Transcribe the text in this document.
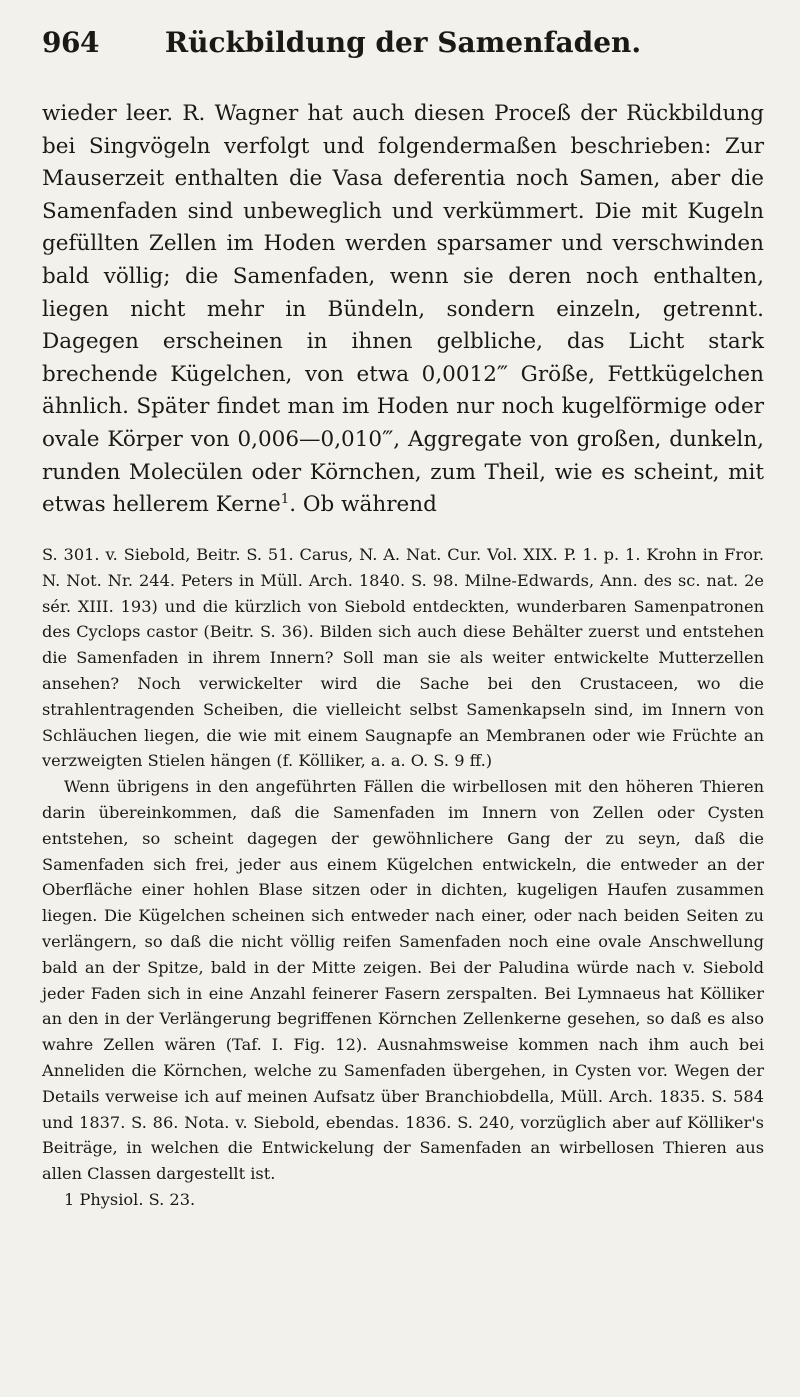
964	Rückbildung der Samenfaden.

wieder leer. R. Wagner hat auch diesen Proceß der Rückbildung bei Singvögeln verfolgt und folgendermaßen beschrieben: Zur Mauserzeit enthalten die Vasa deferentia noch Samen, aber die Samenfaden sind unbeweglich und verkümmert. Die mit Kugeln gefüllten Zellen im Hoden werden sparsamer und verschwinden bald völlig; die Samenfaden, wenn sie deren noch enthalten, liegen nicht mehr in Bündeln, sondern einzeln, getrennt. Dagegen erscheinen in ihnen gelbliche, das Licht stark brechende Kügelchen, von etwa 0,0012‴ Größe, Fettkügelchen ähnlich. Später findet man im Hoden nur noch kugelförmige oder ovale Körper von 0,006—0,010‴, Aggregate von großen, dunkeln, runden Molecülen oder Körnchen, zum Theil, wie es scheint, mit etwas hellerem Kerne$^1$. Ob während

S. 301. v. Siebold, Beitr. S. 51. Carus, N. A. Nat. Cur. Vol. XIX. P. 1. p. 1. Krohn in Fror. N. Not. Nr. 244. Peters in Müll. Arch. 1840. S. 98. Milne-Edwards, Ann. des sc. nat. 2e sér. XIII. 193) und die kürzlich von Siebold entdeckten, wunderbaren Samenpatronen des Cyclops castor (Beitr. S. 36). Bilden sich auch diese Behälter zuerst und entstehen die Samenfaden in ihrem Innern? Soll man sie als weiter entwickelte Mutterzellen ansehen? Noch verwickelter wird die Sache bei den Crustaceen, wo die strahlentragenden Scheiben, die vielleicht selbst Samenkapseln sind, im Innern von Schläuchen liegen, die wie mit einem Saugnapfe an Membranen oder wie Früchte an verzweigten Stielen hängen (f. Kölliker, a. a. O. S. 9 ff.)

Wenn übrigens in den angeführten Fällen die wirbellosen mit den höheren Thieren darin übereinkommen, daß die Samenfaden im Innern von Zellen oder Cysten entstehen, so scheint dagegen der gewöhnlichere Gang der zu seyn, daß die Samenfaden sich frei, jeder aus einem Kügelchen entwickeln, die entweder an der Oberfläche einer hohlen Blase sitzen oder in dichten, kugeligen Haufen zusammen liegen. Die Kügelchen scheinen sich entweder nach einer, oder nach beiden Seiten zu verlängern, so daß die nicht völlig reifen Samenfaden noch eine ovale Anschwellung bald an der Spitze, bald in der Mitte zeigen. Bei der Paludina würde nach v. Siebold jeder Faden sich in eine Anzahl feinerer Fasern zerspalten. Bei Lymnaeus hat Kölliker an den in der Verlängerung begriffenen Körnchen Zellenkerne gesehen, so daß es also wahre Zellen wären (Taf. I. Fig. 12). Ausnahmsweise kommen nach ihm auch bei Anneliden die Körnchen, welche zu Samenfaden übergehen, in Cysten vor. Wegen der Details verweise ich auf meinen Aufsatz über Branchiobdella, Müll. Arch. 1835. S. 584 und 1837. S. 86. Nota. v. Siebold, ebendas. 1836. S. 240, vorzüglich aber auf Kölliker's Beiträge, in welchen die Entwickelung der Samenfaden an wirbellosen Thieren aus allen Classen dargestellt ist.

1 Physiol. S. 23.
